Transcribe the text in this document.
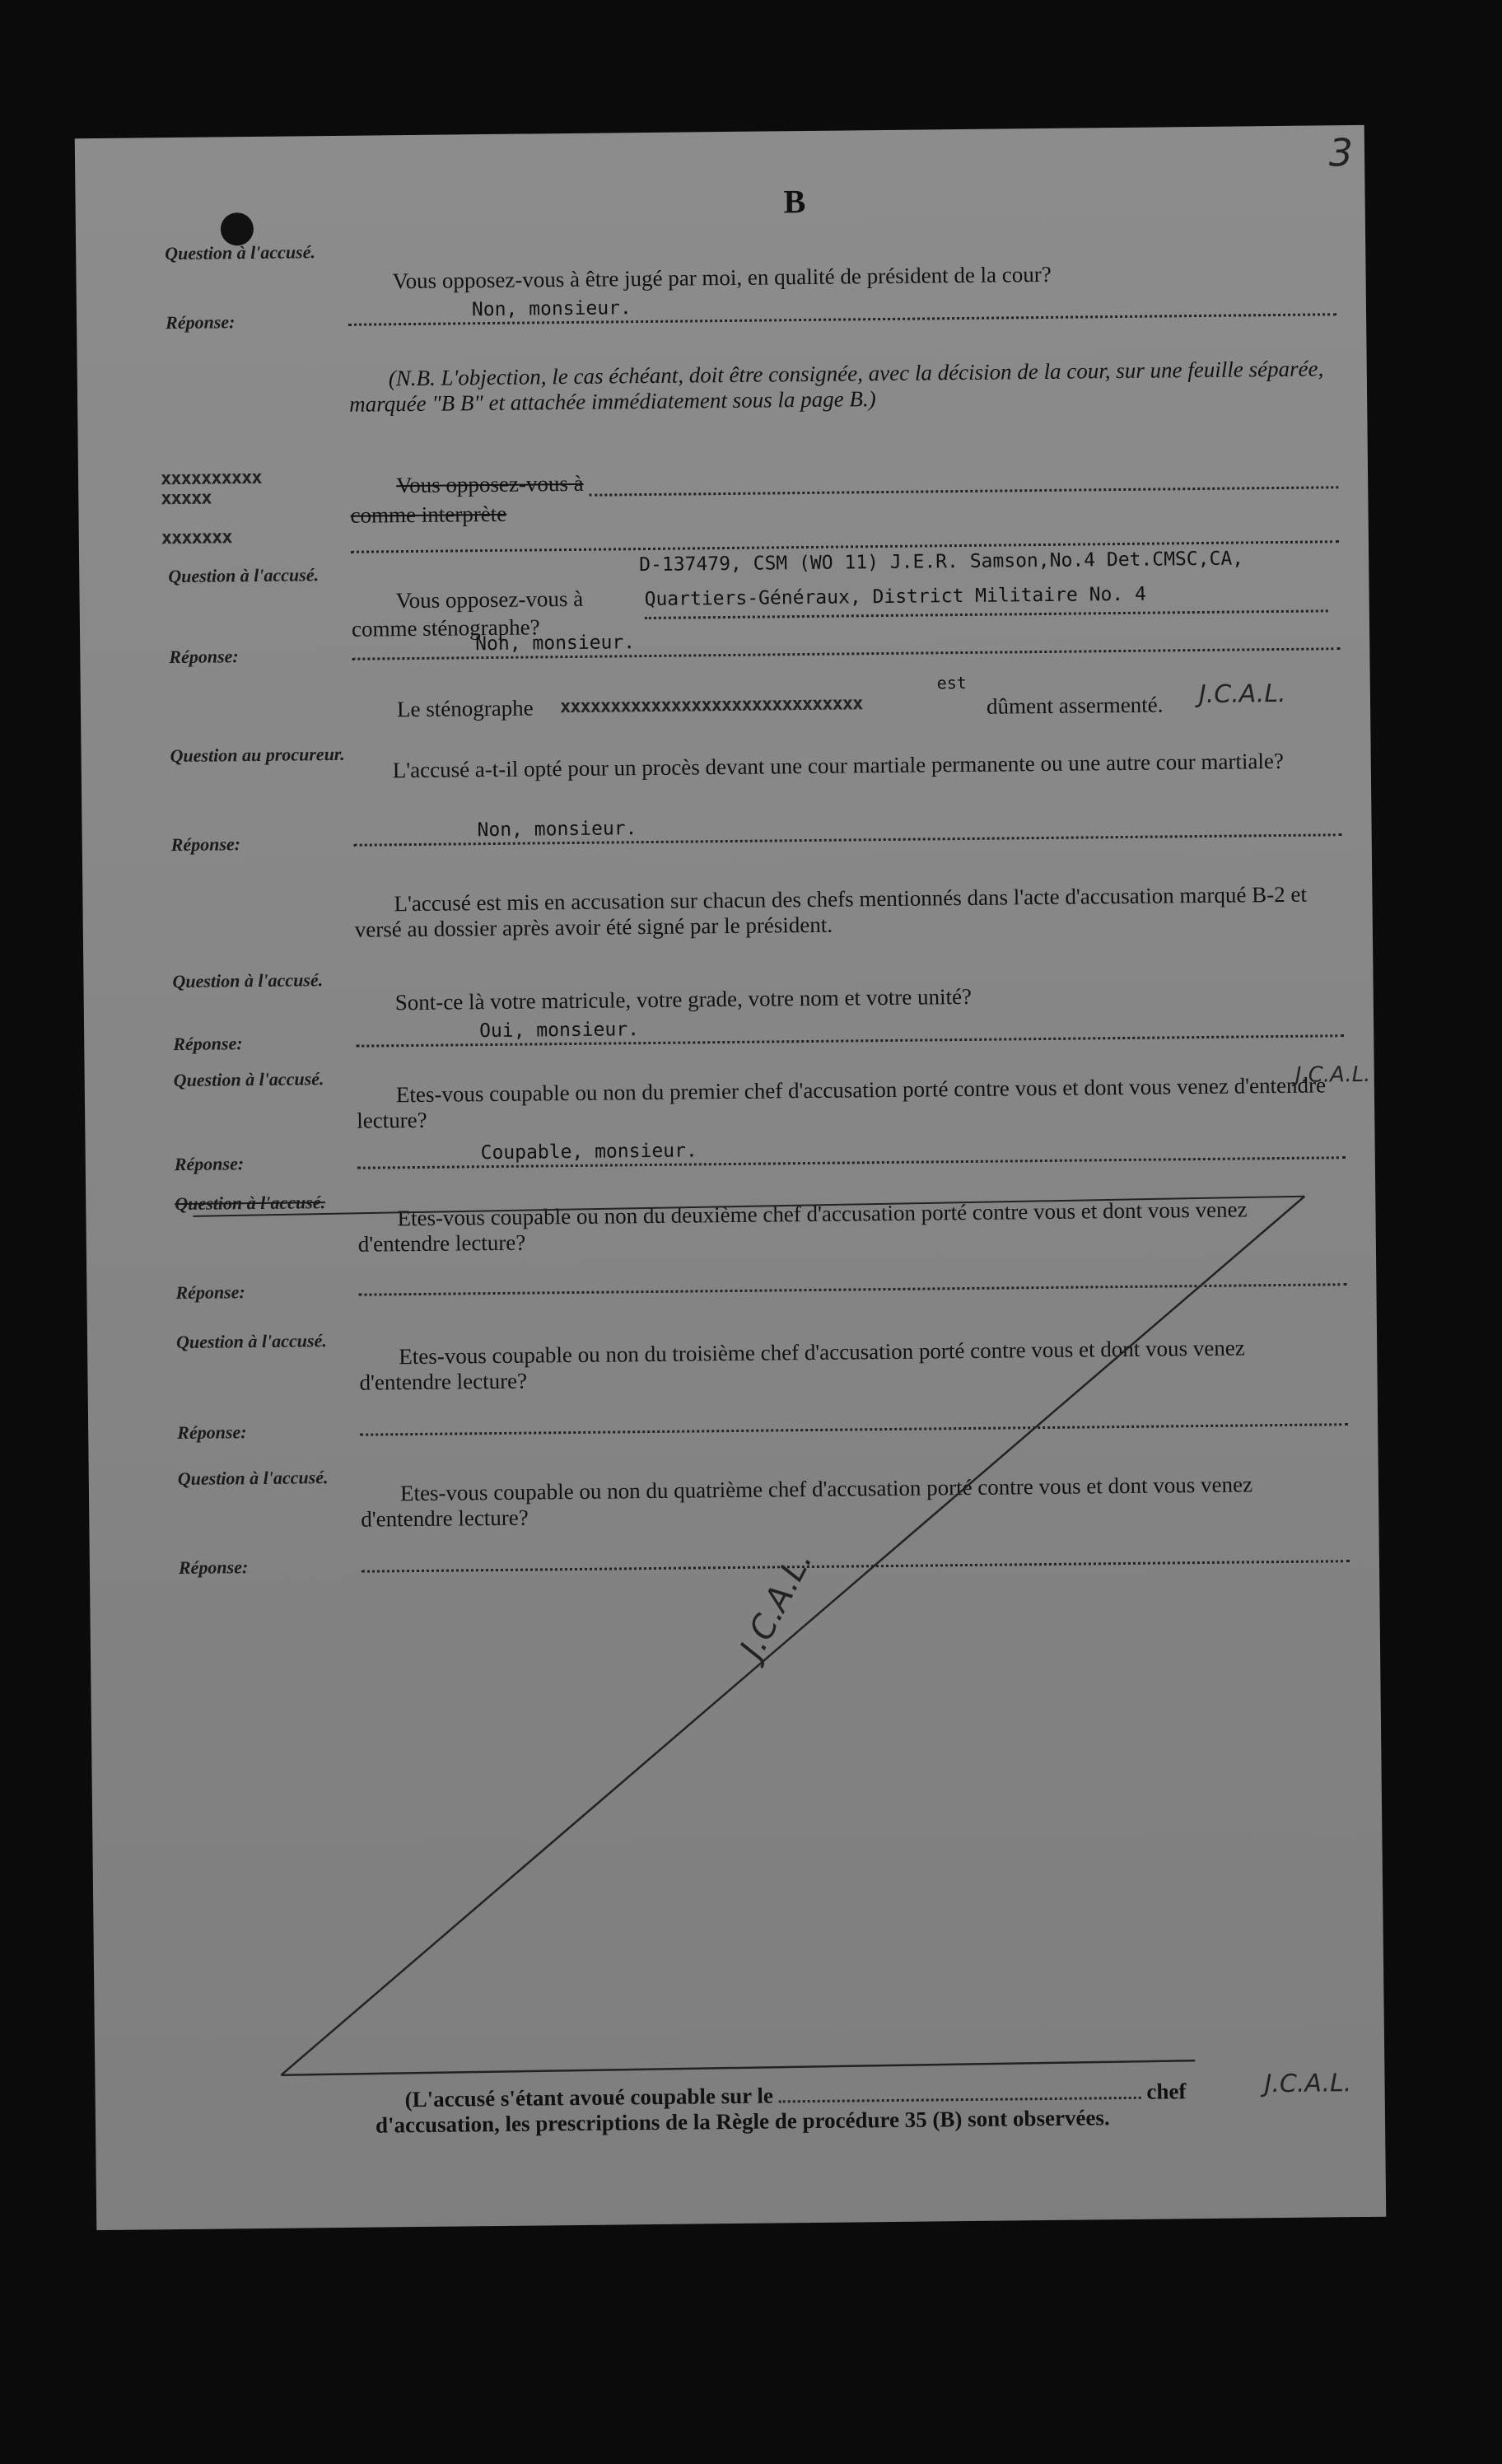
3
B
Question à l'accusé.
Vous opposez-vous à être jugé par moi, en qualité de président de la cour?
Réponse:
Non, monsieur.
(N.B. L'objection, le cas échéant, doit être consignée, avec la décision de la cour, sur une feuille séparée, marquée "B B" et attachée immédiatement sous la page B.)
xxxxxxxxxx
xxxxx
xxxxxxx
Vous opposez-vous à
comme interprète
D-137479, CSM (WO 11) J.E.R. Samson,No.4 Det.CMSC,CA,
Question à l'accusé.
Vous opposez-vous à	Quartiers-Généraux, District Militaire No. 4
comme sténographe?
Réponse:
Non, monsieur.
Le sténographe xxxxxxxxxxxxxxxxxxxxxxxxxxxxxx
est
dûment assermenté. J.C.A.L.
Question au procureur.	L'accusé a-t-il opté pour un procès devant une cour martiale permanente ou une autre cour martiale?
Réponse:
Non, monsieur.
L'accusé est mis en accusation sur chacun des chefs mentionnés dans l'acte d'accusation marqué B-2 et versé au dossier après avoir été signé par le président.
Question à l'accusé.
Sont-ce là votre matricule, votre grade, votre nom et votre unité?
Réponse:
Oui, monsieur.
Question à l'accusé.	Etes-vous coupable ou non du premier chef d'accusation porté contre vous et dont vous venez d'entendre lecture?
J.C.A.L.
Réponse:	Coupable, monsieur.
Question à l'accusé.	Etes-vous coupable ou non du deuxième chef d'accusation porté contre vous et dont vous venez d'entendre lecture?
Réponse:
Question à l'accusé.	Etes-vous coupable ou non du troisième chef d'accusation porté contre vous et dont vous venez d'entendre lecture?
Réponse:
Question à l'accusé.	Etes-vous coupable ou non du quatrième chef d'accusation porté contre vous et dont vous venez d'entendre lecture?
Réponse:	J.C.A.L.
(L'accusé s'étant avoué coupable sur le	chef d'accusation, les prescriptions de la Règle de procédure 35 (B) sont observées.
J.C.A.L.
